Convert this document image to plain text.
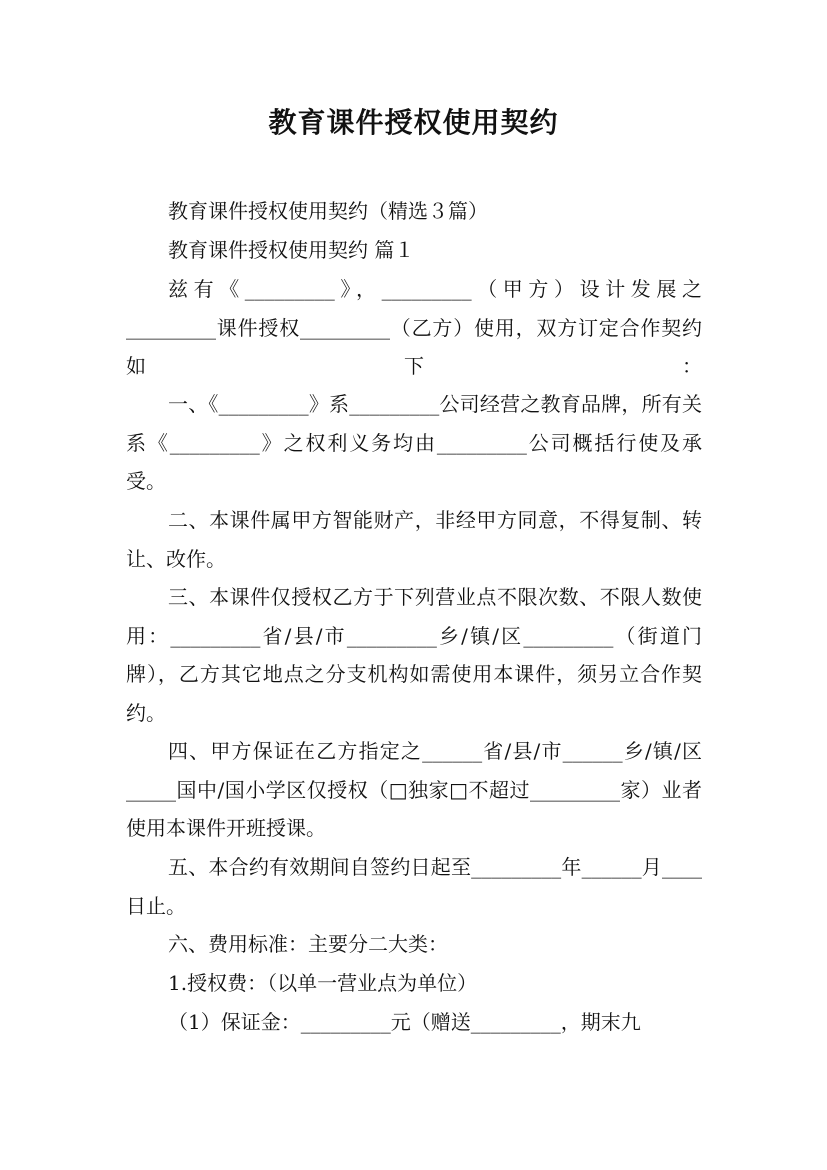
教育课件授权使用契约

教育课件授权使用契约（精选３篇）

教育课件授权使用契约 篇１

兹有《_________》，_________（甲方）设计发展之_________课件授权_________（乙方）使用，双方订定合作契约如下：

一、《_________》系_________公司经营之教育品牌，所有关系《_________》之权利义务均由_________公司概括行使及承受。

二、本课件属甲方智能财产，非经甲方同意，不得复制、转让、改作。

三、本课件仅授权乙方于下列营业点不限次数、不限人数使用：_________省/县/市_________乡/镇/区_________（街道门牌），乙方其它地点之分支机构如需使用本课件，须另立合作契约。

四、甲方保证在乙方指定之______省/县/市______乡/镇/区_____国中/国小学区仅授权（□独家□不超过_________家）业者使用本课件开班授课。

五、本合约有效期间自签约日起至_________年______月____日止。

六、费用标准：主要分二大类：

1.授权费：（以单一营业点为单位）

（1）保证金：_________元（赠送_________，期末九
